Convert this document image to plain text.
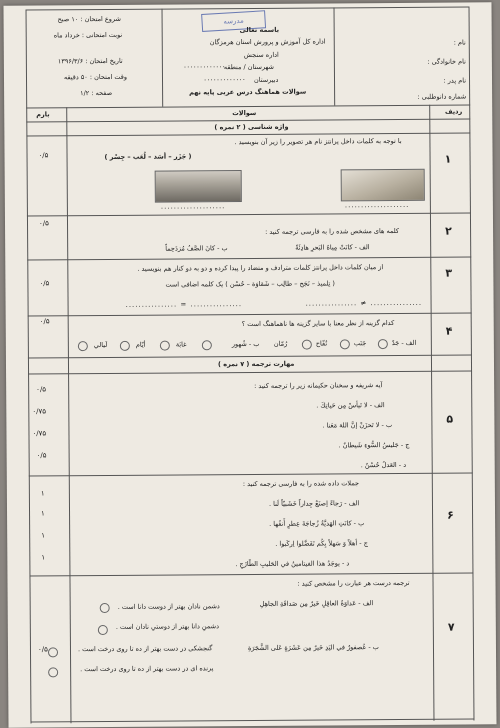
مدرسه
باسمه تعالی
اداره کل آموزش و پرورش استان هرمزگان
اداره سنجش
شهرستان / منطقه
.............
دبیرستان
.............
سوالات هماهنگ درس عربی پایه نهم
نام :
نام خانوادگی :
نام پدر :
شماره دانوطلبی :
شروع امتحان : ۱۰ صبح
نوبت امتحانی : خرداد ماه
تاریخ امتحان : ۱۳۹۶/۳/۶
وقت امتحان : ۵۰ دقیقه
صفحه : ۱/۲
ردیف
سوالات
بارم
واژه شناسی ( ۲ نمره )
۱
۰/۵
با توجه به کلمات داخل پرانتز نام هر تصویر را زیر آن بنویسید .
( جَزَر – أسَد – لُعَب – جِسْر )
....................	....................
۲
۰/۵
کلمه های مشخص شده را به فارسی ترجمه کنید :
الف - كانَتْ مِياهُ البَحرِ هادِئَةً
ب - كانَ الصَّفُ مُزدَحِماً
۳
۰/۵
از میان کلمات داخل پرانتز کلمات مترادف و متضاد را پیدا کرده و دو به دو کنار هم بنویسید .
( تِلمیذ – نَجَح – طالِب – شَقاوَة – حُسْن ) یک کلمه اضافی است
................ ≠ ................
................ = ................
۴
۰/۵	کدام گزینه از نظر معنا با سایر گزینه ها ناهماهنگ است ؟
الف - جَدّ
جَنَب
تُفّاح
رُمّان
ب - شُهور
غابَة
أيّام
لَيالي
مهارت ترجمه ( ۷ نمره )
۵
آیه شریفه و سخنان حکیمانه زیر را ترجمه کنید :
الف - لا تَيأسْ مِن حَياتِكَ .
ب - لا تَحزَنْ إنَّ اللهَ مَعَنا .
ج - جَليسُ السُّوءِ شَيطانٌ .
د - العَدلُ حُسْنٌ .
۰/۵
۰/۷۵
۰/۷۵
۰/۵
۶
جملات داده شده را به فارسی ترجمه کنید :
الف - رَجاءً اِصنَعْ جِداراً خَشَبيّاً لَنا .
ب - كانَتِ الهَديَّةُ زُجاجَةَ عِطرٍ أَنفُها .
ج - أهلاً وَ سَهلاً بِكُم تَفَضَّلوا اِركَبوا .
د - يوجَدُ هذا الفيتامينُ في الحَليبِ الطّازَجِ .
۱
۱
۱
۱
۷
۰/۵
ترجمه درست هر عبارت را مشخص کنید :
الف - عَداوَةُ العاقِلِ خَيرٌ مِن صَداقَةِ الجاهِلِ
دشمن نادان بهتر از دوست دانا است .
دشمنِ دانا بهتر از دوستیِ نادان است .
ب - عُصفورٌ في اليَدِ خَيرٌ مِن عَشَرَةٍ عَلى الشَّجَرَةِ
گنجشکی در دست بهتر از ده تا روی درخت است .
پرنده ای در دست بهتر از ده تا روی درخت است .
